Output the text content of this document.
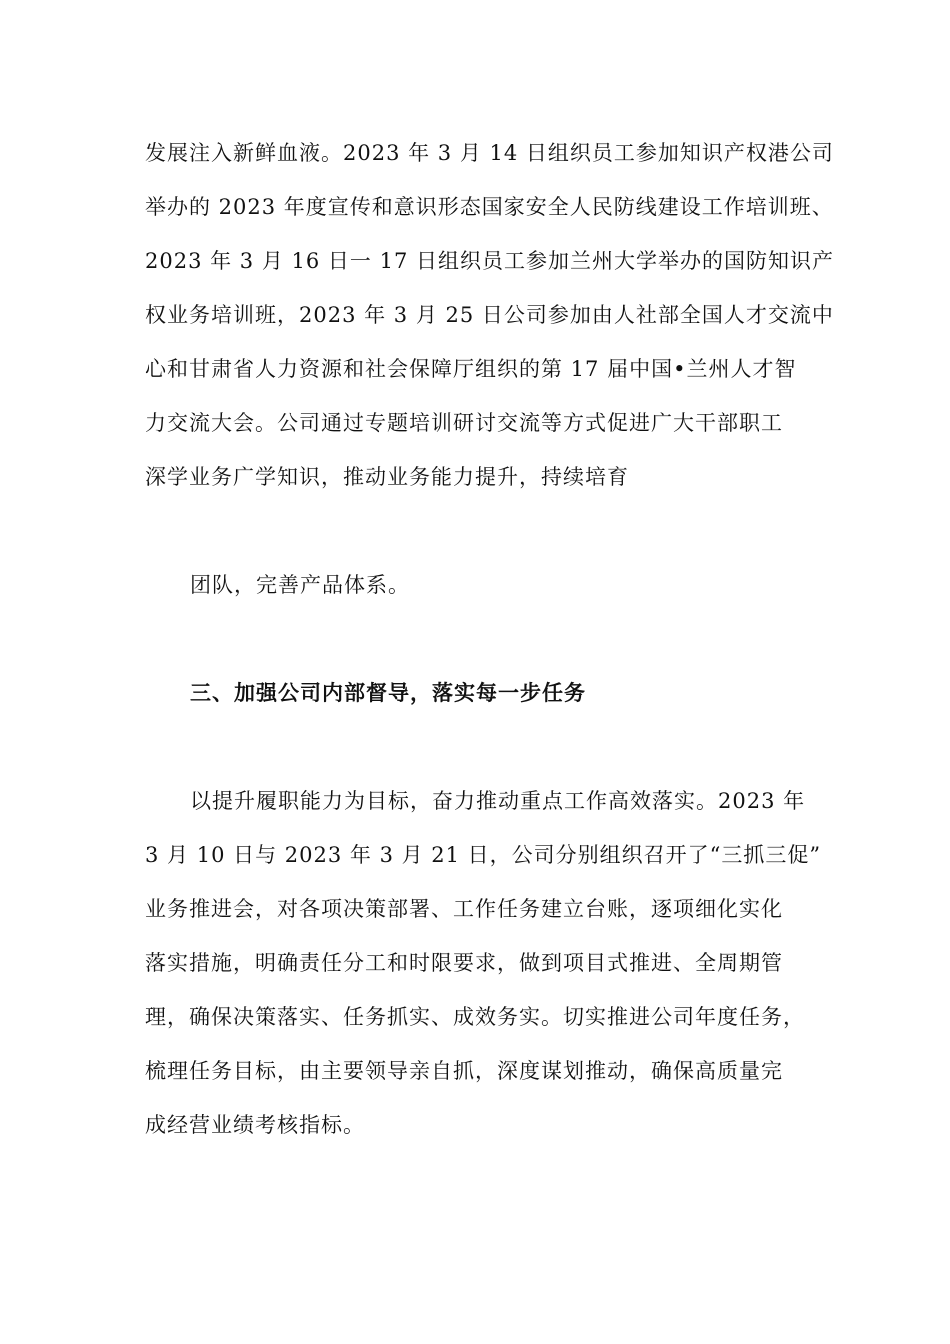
发展注入新鲜血液。2023 年 3 月 14 日组织员工参加知识产权港公司
举办的 2023 年度宣传和意识形态国家安全人民防线建设工作培训班、
2023 年 3 月 16 日一 17 日组织员工参加兰州大学举办的国防知识产
权业务培训班，2023 年 3 月 25 日公司参加由人社部全国人才交流中
心和甘肃省人力资源和社会保障厅组织的第 17 届中国•兰州人才智
力交流大会。公司通过专题培训研讨交流等方式促进广大干部职工
深学业务广学知识，推动业务能力提升，持续培育
团队，完善产品体系。
三、加强公司内部督导，落实每一步任务
以提升履职能力为目标，奋力推动重点工作高效落实。2023 年
3 月 10 日与 2023 年 3 月 21 日，公司分别组织召开了“三抓三促”
业务推进会，对各项决策部署、工作任务建立台账，逐项细化实化
落实措施，明确责任分工和时限要求，做到项目式推进、全周期管
理，确保决策落实、任务抓实、成效务实。切实推进公司年度任务，
梳理任务目标，由主要领导亲自抓，深度谋划推动，确保高质量完
成经营业绩考核指标。
